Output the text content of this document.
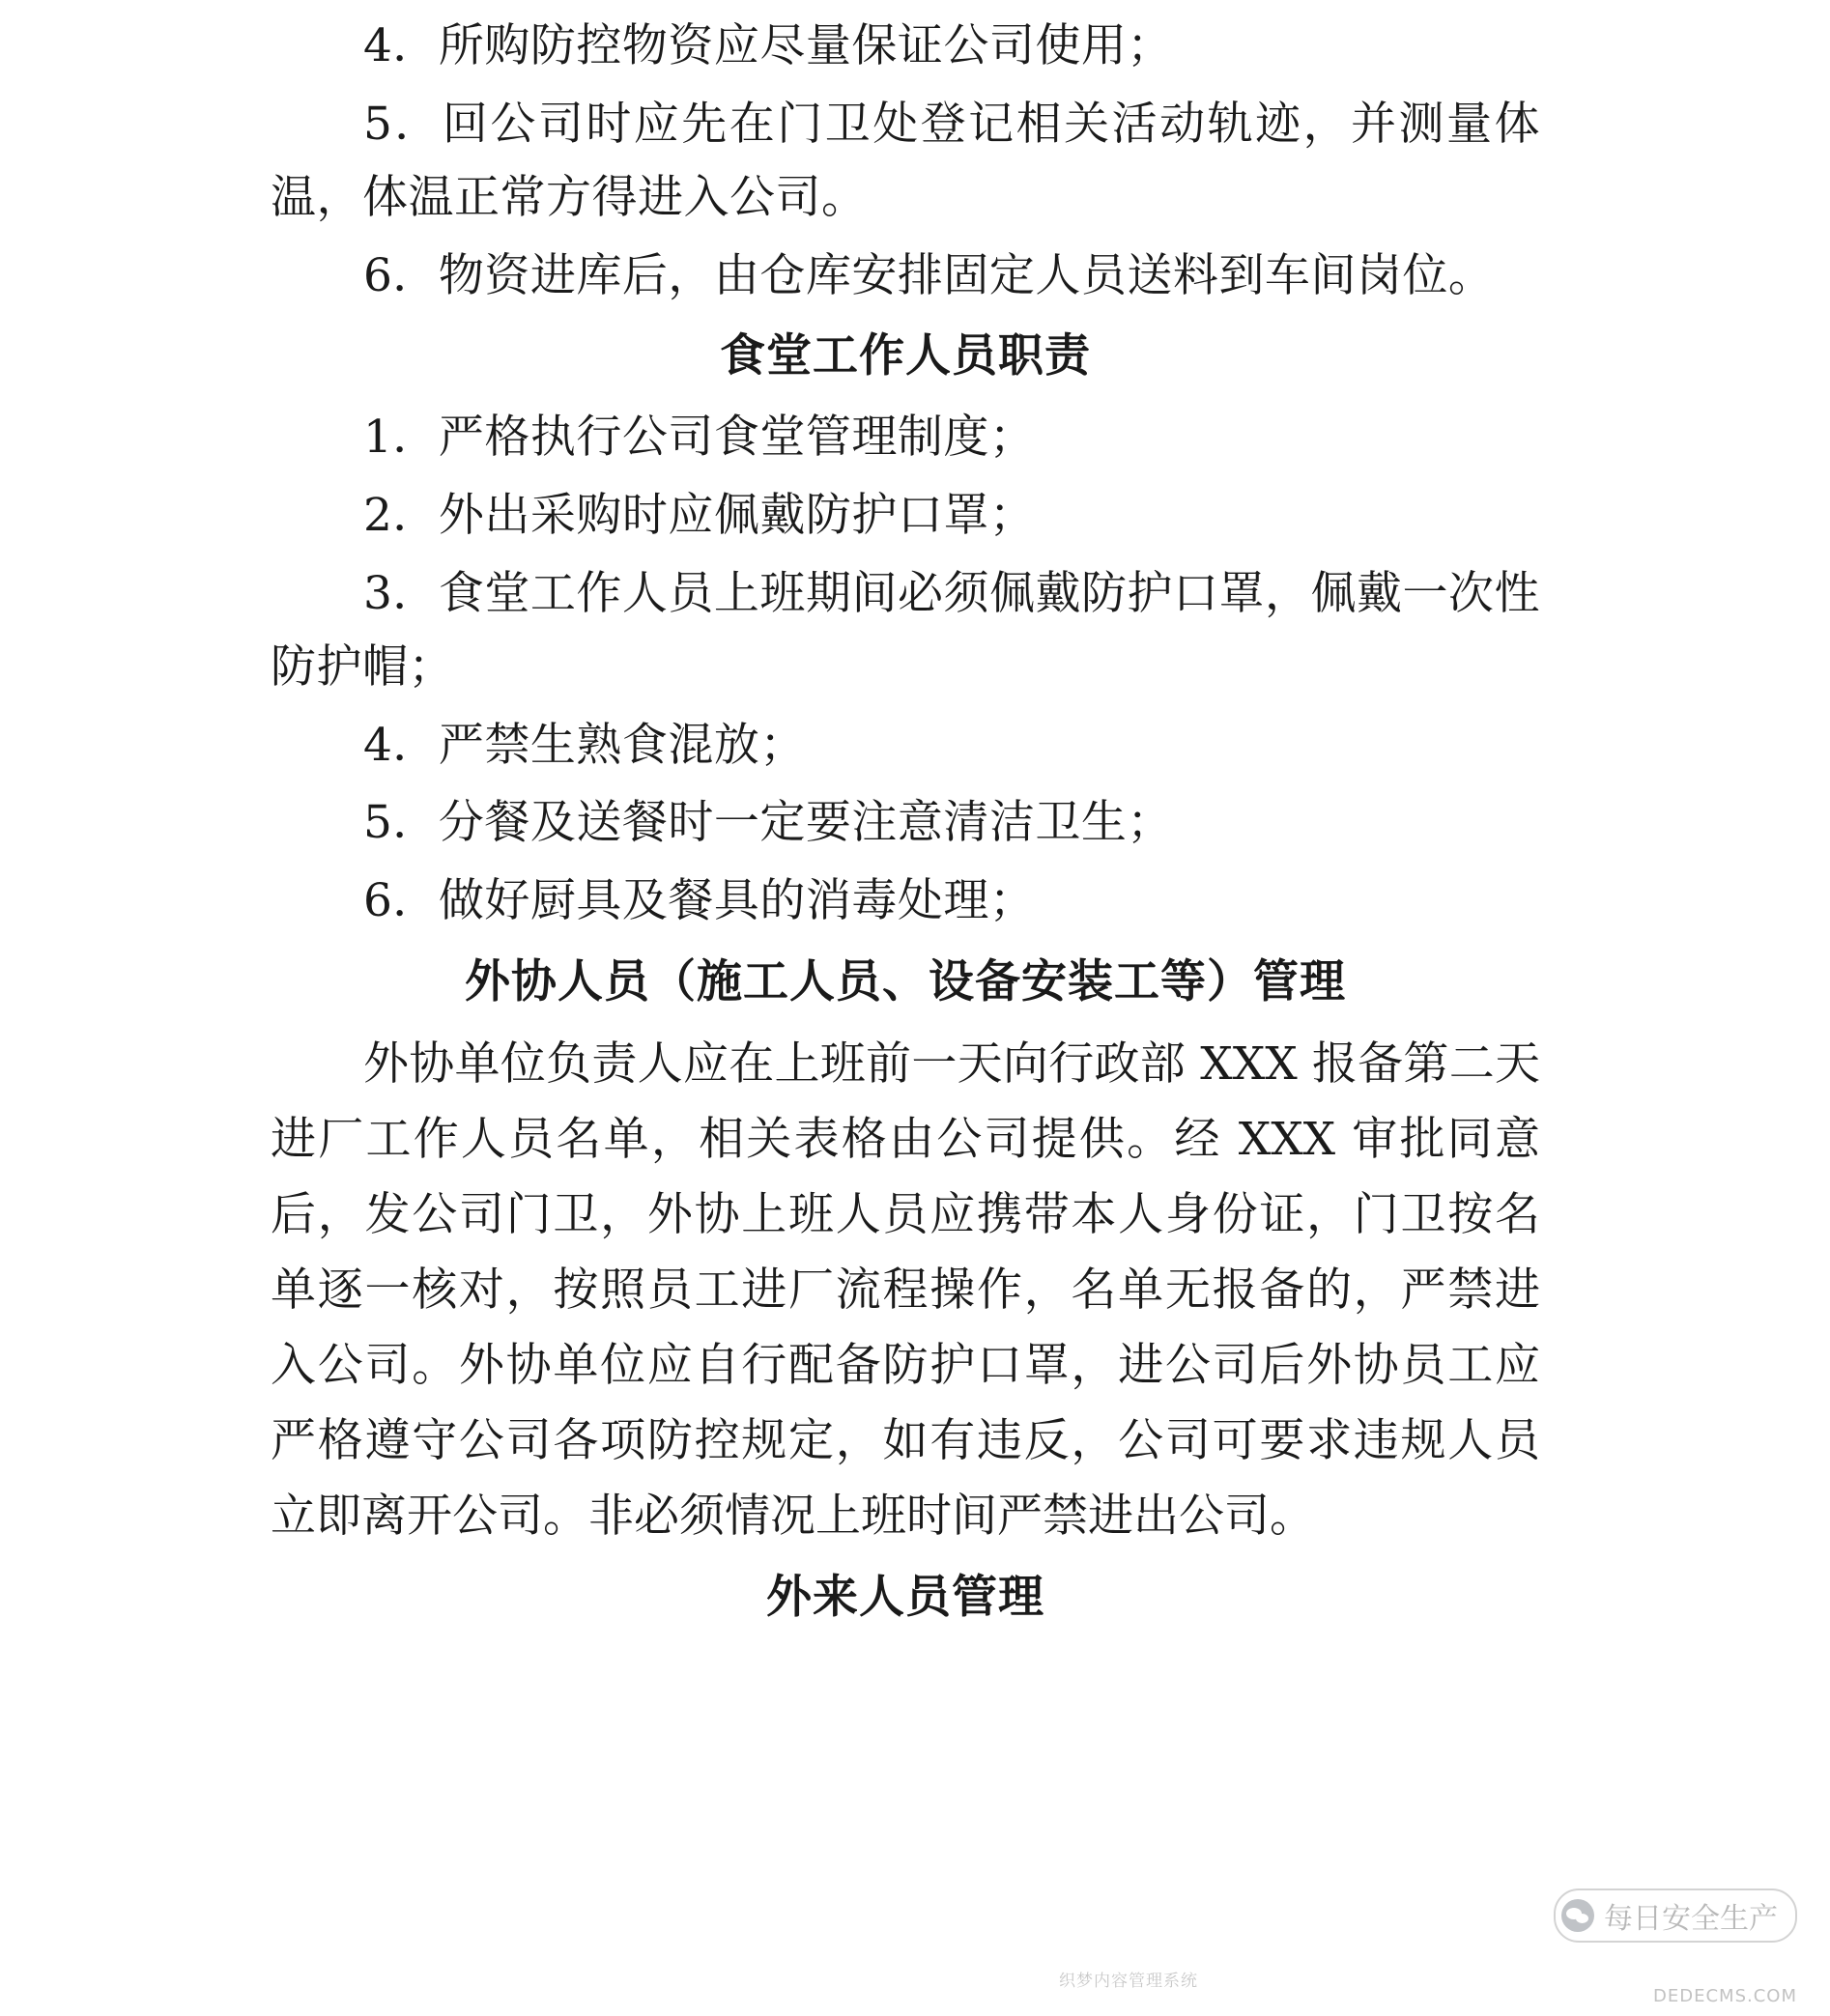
4．所购防控物资应尽量保证公司使用；

5．回公司时应先在门卫处登记相关活动轨迹，并测量体温，体温正常方得进入公司。

6．物资进库后，由仓库安排固定人员送料到车间岗位。

食堂工作人员职责

1．严格执行公司食堂管理制度；

2．外出采购时应佩戴防护口罩；

3．食堂工作人员上班期间必须佩戴防护口罩，佩戴一次性防护帽；

4．严禁生熟食混放；

5．分餐及送餐时一定要注意清洁卫生；

6．做好厨具及餐具的消毒处理；

外协人员（施工人员、设备安装工等）管理

外协单位负责人应在上班前一天向行政部 XXX 报备第二天进厂工作人员名单，相关表格由公司提供。经 XXX 审批同意后，发公司门卫，外协上班人员应携带本人身份证，门卫按名单逐一核对，按照员工进厂流程操作，名单无报备的，严禁进入公司。外协单位应自行配备防护口罩，进公司后外协员工应严格遵守公司各项防控规定，如有违反，公司可要求违规人员立即离开公司。非必须情况上班时间严禁进出公司。

外来人员管理
每日安全生产
织梦内容管理系统
DEDECMS.COM
